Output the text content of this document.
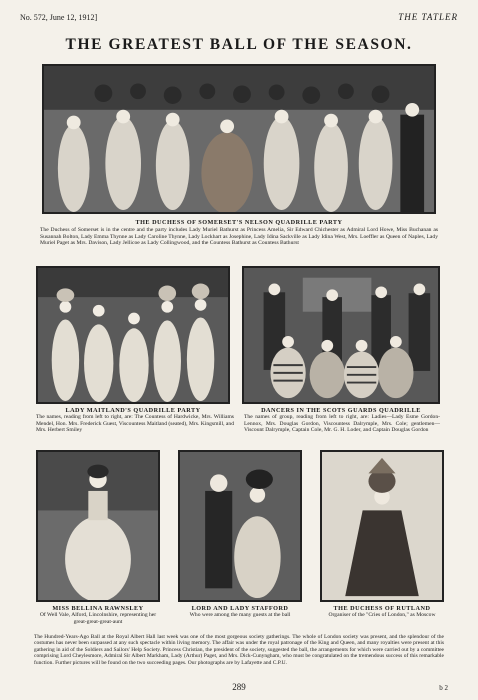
No. 572, June 12, 1912]	THE TATLER
THE GREATEST BALL OF THE SEASON.
THE DUCHESS OF SOMERSET'S NELSON QUADRILLE PARTY
The Duchess of Somerset is in the centre and the party includes Lady Muriel Bathurst as Princess Amelia, Sir Edward Chichester as Admiral Lord Howe, Miss Buchanan as Susannah Bolton, Lady Emma Thynne as Lady Caroline Thynne, Lady Lockhart as Josephine, Lady Idina Sackville as Lady Idina West, Mrs. Loeffler as Queen of Naples, Lady Muriel Paget as Mrs. Davison, Lady Jellicoe as Lady Collingwood, and the Countess Bathurst as Countess Bathurst
LADY MAITLAND'S QUADRILLE PARTY
The names, reading from left to right, are: The Countess of Hardwicke, Mrs. Williams Mendel, Hon. Mrs. Frederick Guest, Viscountess Maitland (seated), Mrs. Kingsmill, and Mrs. Herbert Smiley
DANCERS IN THE SCOTS GUARDS QUADRILLE
The names of group, reading from left to right, are: Ladies—Lady Esme Gordon-Lennox, Mrs. Douglas Gordon, Viscountess Dalrymple, Mrs. Cole; gentlemen—Viscount Dalrymple, Captain Cole, Mr. G. H. Loder, and Captain Douglas Gordon
MISS BELLINA RAWNSLEY
Of Well Vale, Alford, Lincolnshire, representing her great-great-great-aunt
LORD AND LADY STAFFORD
Who were among the many guests at the ball
THE DUCHESS OF RUTLAND
Organiser of the "Cries of London," as Moscow
The Hundred-Years-Ago Ball at the Royal Albert Hall last week was one of the most gorgeous society gatherings. The whole of London society was present, and the splendour of the costumes has never been surpassed at any such spectacle within living memory. The affair was under the royal patronage of the King and Queen, and many royalties were present at this gathering in aid of the Soldiers and Sailors' Help Society. Princess Christian, the president of the society, suggested the ball, the arrangements for which were carried out by a committee comprising Lord Cheylesmore, Admiral Sir Albert Markham, Lady (Arthur) Paget, and Mrs. Dick-Cunyngham, who must be congratulated on the tremendous success of this remarkable function. Further pictures will be found on the two succeeding pages. Our photographs are by Lafayette and C.P.U.
289	b 2
